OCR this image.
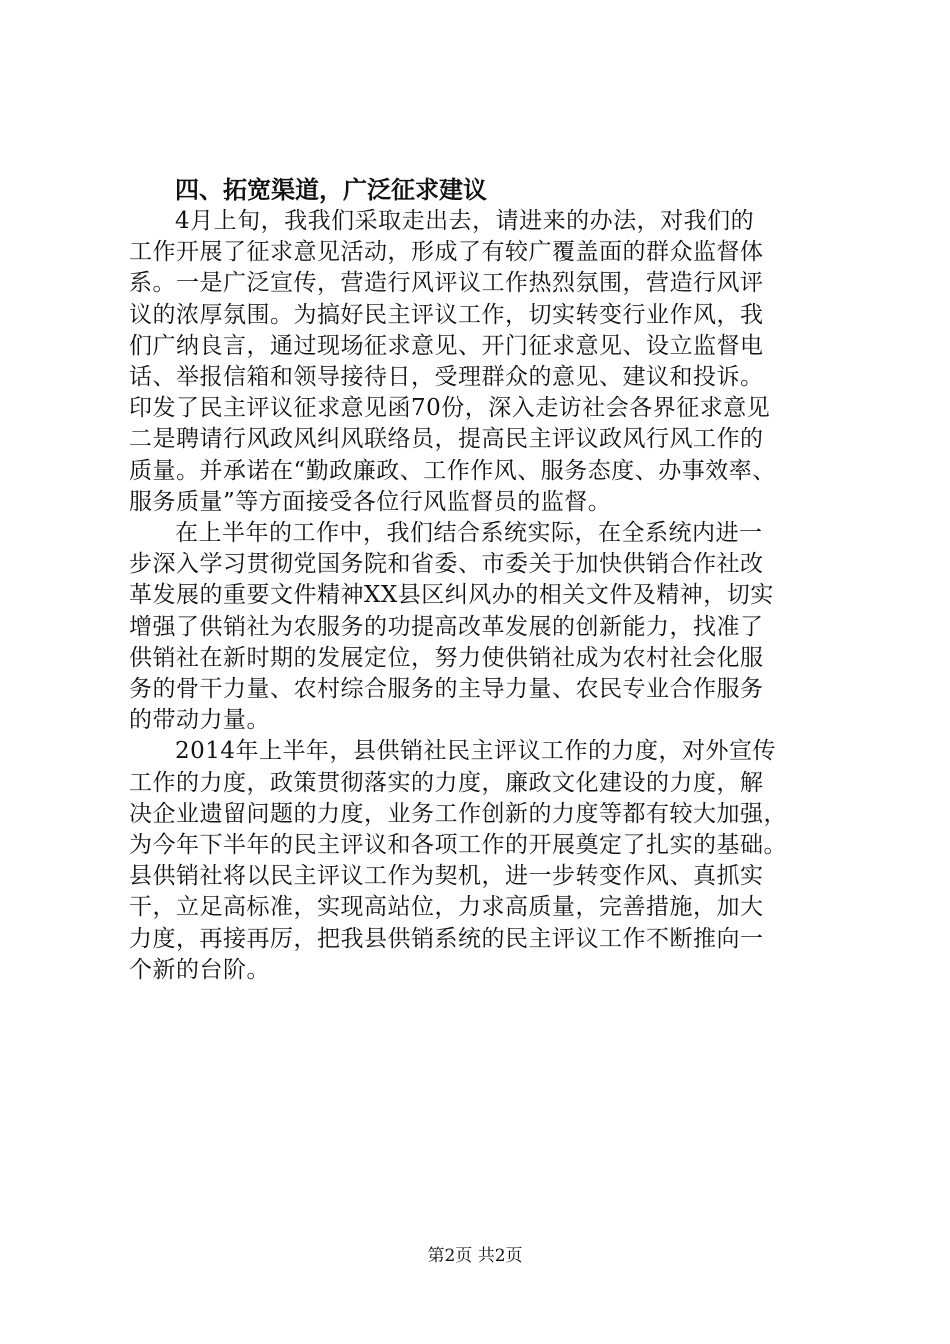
四、拓宽渠道，广泛征求建议

4月上旬，我我们采取走出去，请进来的办法，对我们的
工作开展了征求意见活动，形成了有较广覆盖面的群众监督体
系。一是广泛宣传，营造行风评议工作热烈氛围，营造行风评
议的浓厚氛围。为搞好民主评议工作，切实转变行业作风，我
们广纳良言，通过现场征求意见、开门征求意见、设立监督电
话、举报信箱和领导接待日，受理群众的意见、建议和投诉。
印发了民主评议征求意见函70份，深入走访社会各界征求意见
二是聘请行风政风纠风联络员，提高民主评议政风行风工作的
质量。并承诺在“勤政廉政、工作作风、服务态度、办事效率、
服务质量”等方面接受各位行风监督员的监督。

在上半年的工作中，我们结合系统实际，在全系统内进一
步深入学习贯彻党国务院和省委、市委关于加快供销合作社改
革发展的重要文件精神XX县区纠风办的相关文件及精神，切实
增强了供销社为农服务的功提高改革发展的创新能力，找准了
供销社在新时期的发展定位，努力使供销社成为农村社会化服
务的骨干力量、农村综合服务的主导力量、农民专业合作服务
的带动力量。

2014年上半年，县供销社民主评议工作的力度，对外宣传
工作的力度，政策贯彻落实的力度，廉政文化建设的力度，解
决企业遗留问题的力度，业务工作创新的力度等都有较大加强，
为今年下半年的民主评议和各项工作的开展奠定了扎实的基础。
县供销社将以民主评议工作为契机，进一步转变作风、真抓实
干，立足高标准，实现高站位，力求高质量，完善措施，加大
力度，再接再厉，把我县供销系统的民主评议工作不断推向一
个新的台阶。

第2页 共2页
